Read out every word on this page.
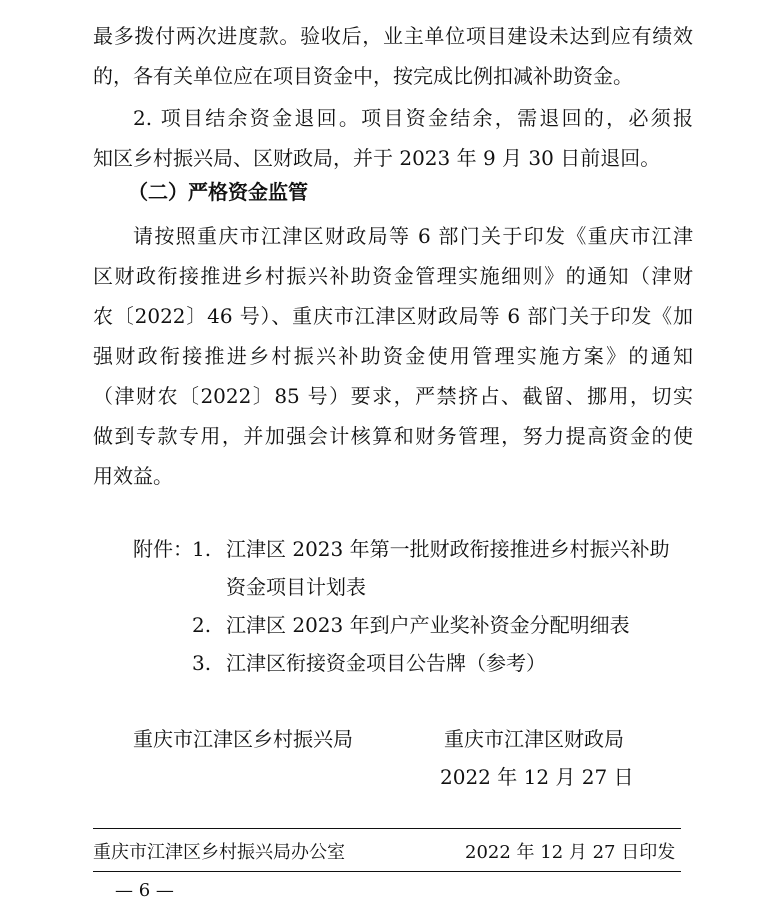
最多拨付两次进度款。验收后，业主单位项目建设未达到应有绩效
的，各有关单位应在项目资金中，按完成比例扣减补助资金。
2. 项目结余资金退回。项目资金结余，需退回的，必须报
知区乡村振兴局、区财政局，并于 2023 年 9 月 30 日前退回。
（二）严格资金监管
请按照重庆市江津区财政局等 6 部门关于印发《重庆市江津
区财政衔接推进乡村振兴补助资金管理实施细则》的通知（津财
农〔2022〕46 号）、重庆市江津区财政局等 6 部门关于印发《加
强财政衔接推进乡村振兴补助资金使用管理实施方案》的通知
（津财农〔2022〕85 号）要求，严禁挤占、截留、挪用，切实
做到专款专用，并加强会计核算和财务管理，努力提高资金的使
用效益。
附件： 1. 江津区 2023 年第一批财政衔接推进乡村振兴补助
资金项目计划表
2. 江津区 2023 年到户产业奖补资金分配明细表
3. 江津区衔接资金项目公告牌（参考）
重庆市江津区乡村振兴局	重庆市江津区财政局
2022 年 12 月 27 日
重庆市江津区乡村振兴局办公室	2022 年 12 月 27 日印发
— 6 —
